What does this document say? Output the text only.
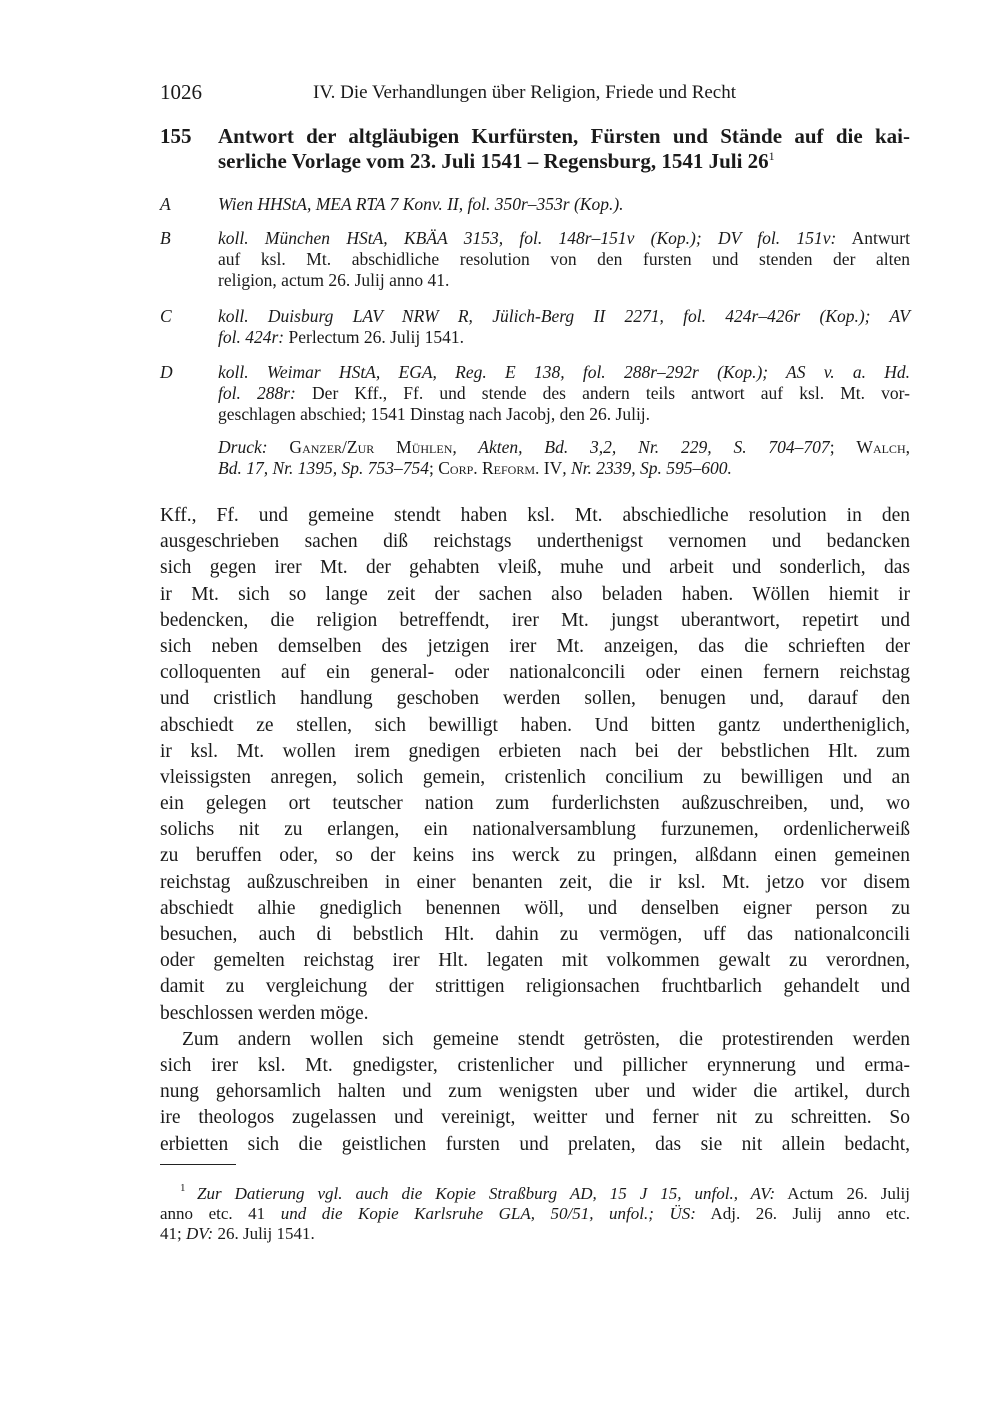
1026	IV. Die Verhandlungen über Religion, Friede und Recht
155 Antwort der altgläubigen Kurfürsten, Fürsten und Stände auf die kai-
serliche Vorlage vom 23. Juli 1541 – Regensburg, 1541 Juli $26^1$
A	Wien HHStA, MEA RTA 7 Konv. II, fol. 350r–353r (Kop.).
B	koll. München HStA, KBÄA 3153, fol. 148r–151v (Kop.); DV fol. 151v: Antwurt
auf ksl. Mt. abschidliche resolution von den fursten und stenden der alten
religion, actum 26. Julij anno 41.
C	koll. Duisburg LAV NRW R, Jülich-Berg II 2271, fol. 424r–426r (Kop.); AV
fol. 424r: Perlectum 26. Julij 1541.
D	koll. Weimar HStA, EGA, Reg. E 138, fol. 288r–292r (Kop.); AS v. a. Hd.
fol. 288r: Der Kff., Ff. und stende des andern teils antwort auf ksl. Mt. vor-
geschlagen abschied; 1541 Dinstag nach Jacobj, den 26. Julij.
Druck: Ganzer/Zur Mühlen, Akten, Bd. 3,2, Nr. 229, S. 704–707; Walch,
Bd. 17, Nr. 1395, Sp. 753–754; Corp. Reform. IV, Nr. 2339, Sp. 595–600.
Kff., Ff. und gemeine stendt haben ksl. Mt. abschiedliche resolution in den
ausgeschrieben sachen diß reichstags underthenigst vernomen und bedancken
sich gegen irer Mt. der gehabten vleiß, muhe und arbeit und sonderlich, das
ir Mt. sich so lange zeit der sachen also beladen haben. Wöllen hiemit ir
bedencken, die religion betreffendt, irer Mt. jungst uberantwort, repetirt und
sich neben demselben des jetzigen irer Mt. anzeigen, das die schrieften der
colloquenten auf ein general- oder nationalconcili oder einen fernern reichstag
und cristlich handlung geschoben werden sollen, benugen und, darauf den
abschiedt ze stellen, sich bewilligt haben. Und bitten gantz undertheniglich,
ir ksl. Mt. wollen irem gnedigen erbieten nach bei der bebstlichen Hlt. zum
vleissigsten anregen, solich gemein, cristenlich concilium zu bewilligen und an
ein gelegen ort teutscher nation zum furderlichsten außzuschreiben, und, wo
solichs nit zu erlangen, ein nationalversamblung furzunemen, ordenlicherweiß
zu beruffen oder, so der keins ins werck zu pringen, alßdann einen gemeinen
reichstag außzuschreiben in einer benanten zeit, die ir ksl. Mt. jetzo vor disem
abschiedt alhie gnediglich benennen wöll, und denselben eigner person zu
besuchen, auch di bebstlich Hlt. dahin zu vermögen, uff das nationalconcili
oder gemelten reichstag irer Hlt. legaten mit volkommen gewalt zu verordnen,
damit zu vergleichung der strittigen religionsachen fruchtbarlich gehandelt und
beschlossen werden möge.
Zum andern wollen sich gemeine stendt getrösten, die protestirenden werden
sich irer ksl. Mt. gnedigster, cristenlicher und pillicher erynnerung und erma-
nung gehorsamlich halten und zum wenigsten uber und wider die artikel, durch
ire theologos zugelassen und vereinigt, weitter und ferner nit zu schreitten. So
erbietten sich die geistlichen fursten und prelaten, das sie nit allein bedacht,
$^1$ Zur Datierung vgl. auch die Kopie Straßburg AD, 15 J 15, unfol., AV: Actum 26. Julij
anno etc. 41 und die Kopie Karlsruhe GLA, 50/51, unfol.; ÜS: Adj. 26. Julij anno etc.
41; DV: 26. Julij 1541.
